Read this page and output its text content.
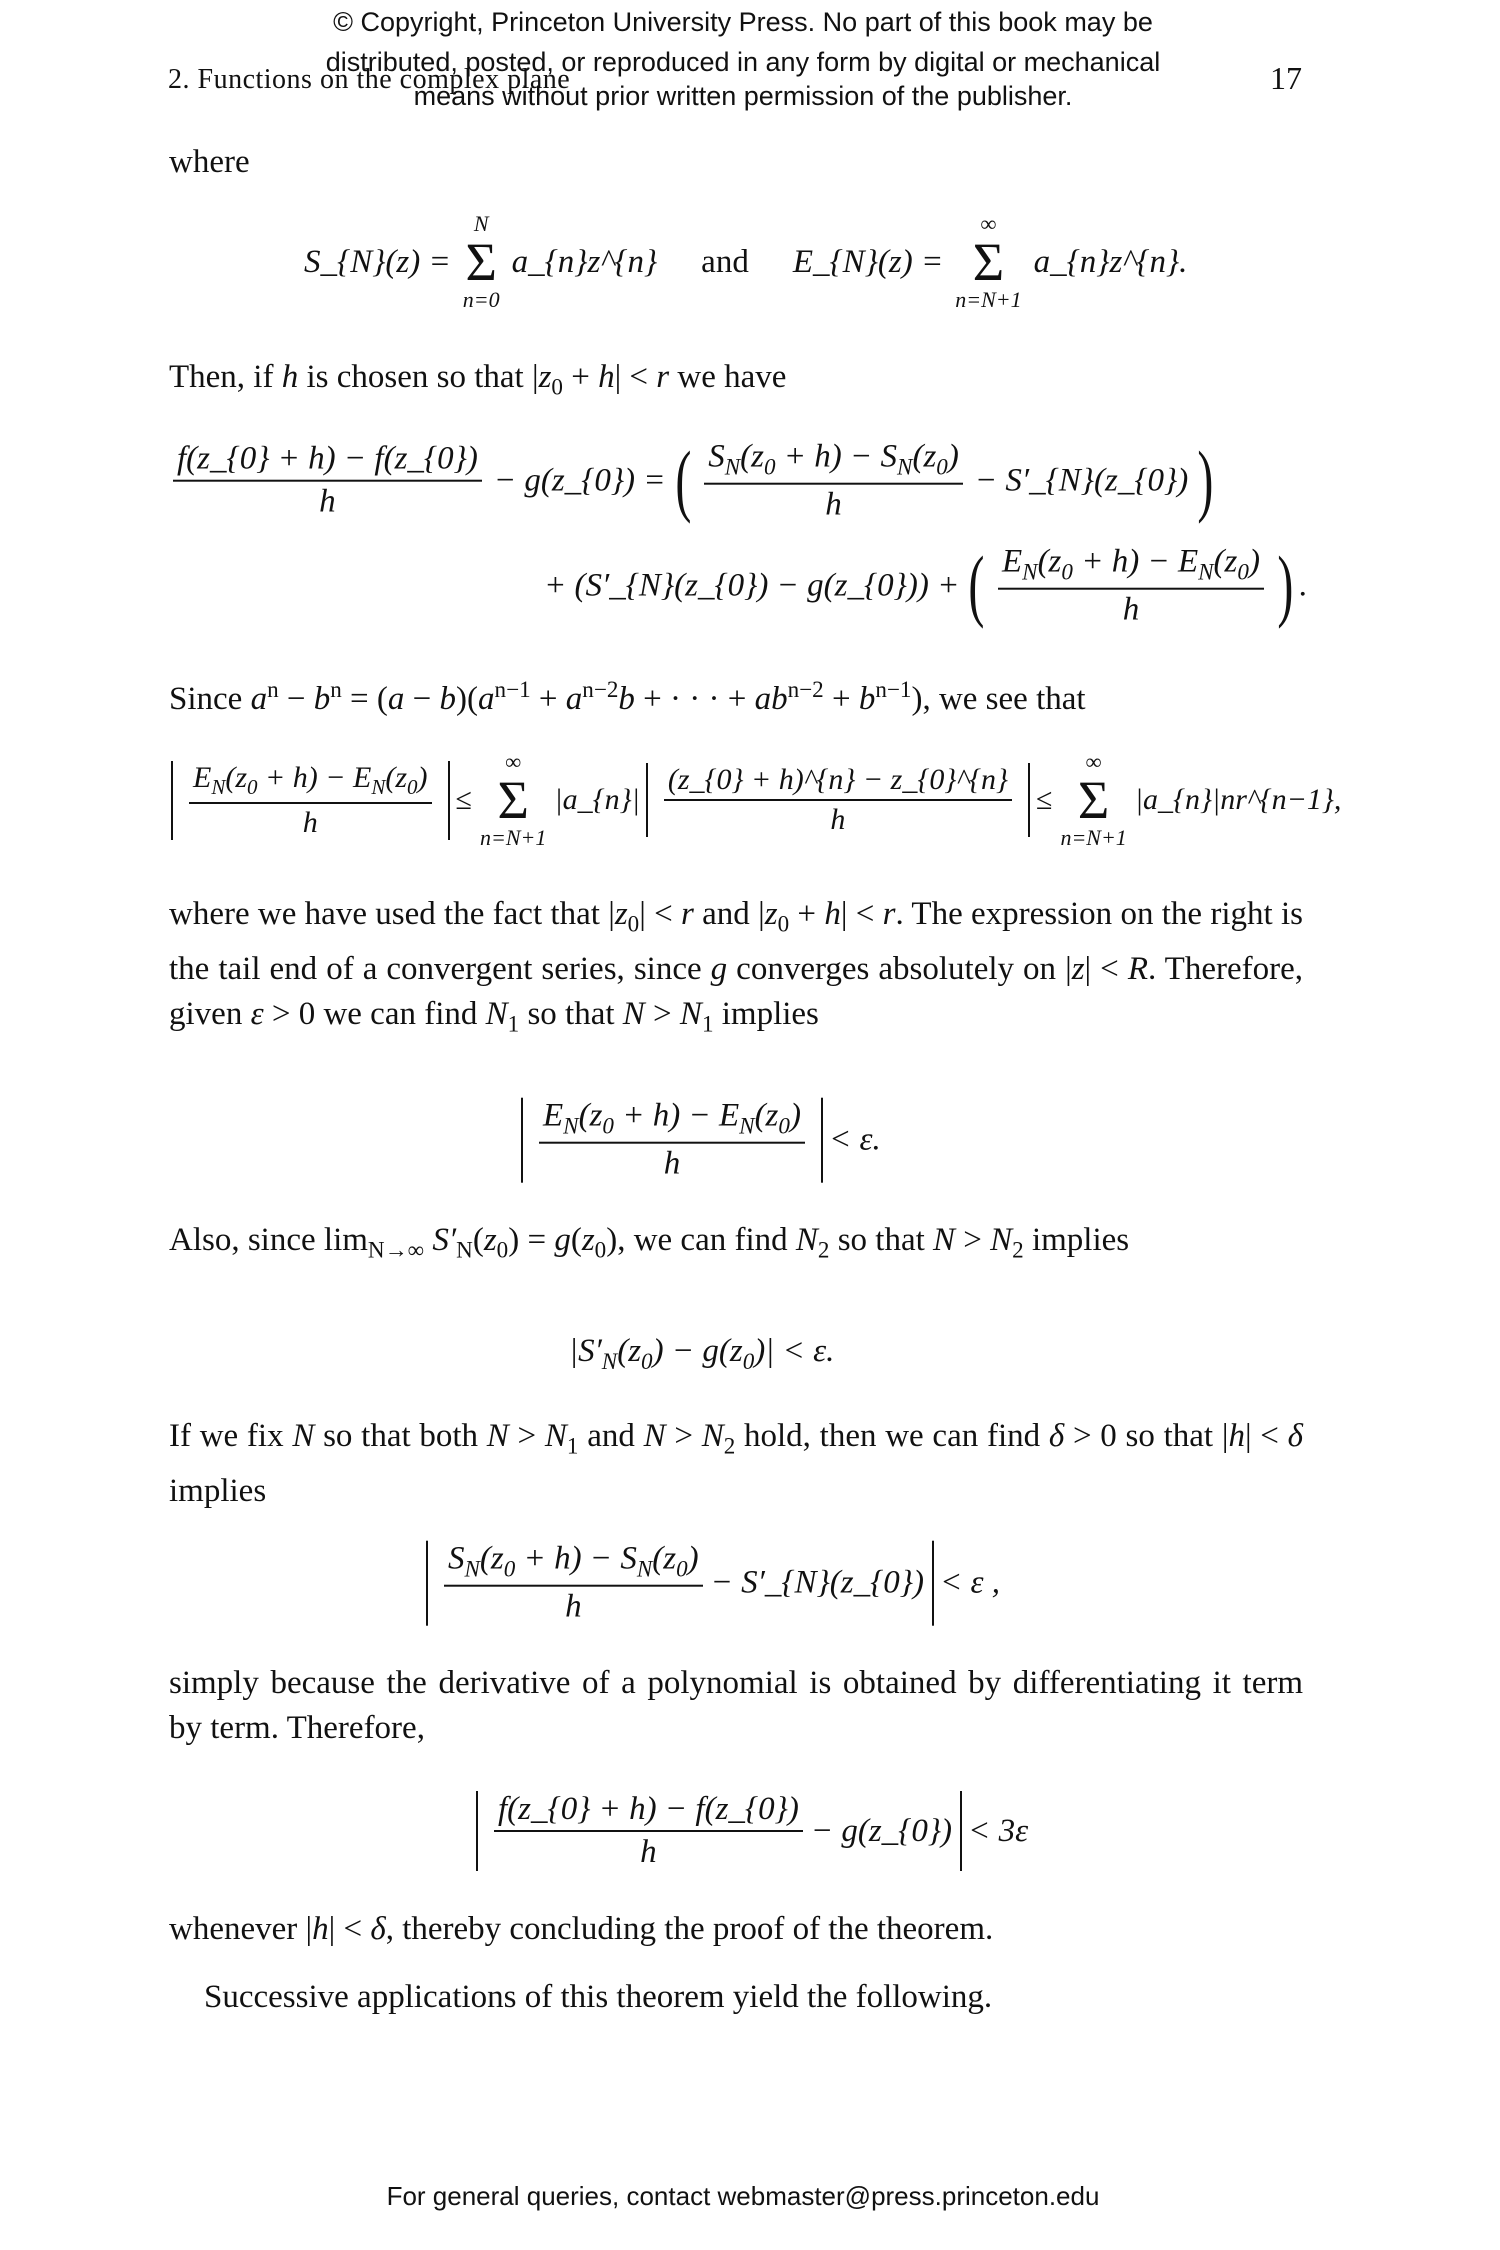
© Copyright, Princeton University Press. No part of this book may be
distributed, posted, or reproduced in any form by digital or mechanical
means without prior written permission of the publisher.
2. Functions on the complex plane	17
where
S_{N}(z) =
N
Σ
n=0
a_{n}z^{n} and E_{N}(z) =
∞
Σ
n=N+1
a_{n}z^{n}.
Then, if h is chosen so that $|z_0 + h| < r$ we have
$\frac{f(z\_\{0\} + h) - f(z\_\{0\})}{h}$ − g(z_{0}) = ( $\frac{S_N(z_0 + h) - S_N(z_0)}{h}$ − S′_{N}(z_{0}) )
+ (S′_{N}(z_{0}) − g(z_{0})) + ( $\frac{E_N(z_0 + h) - E_N(z_0)}{h}$ ) .
Since $a^n - b^n = (a - b)(a^{n-1} + a^{n-2}b$ + · · · + $ab^{n-2} + b^{n-1}$), we see that
$\frac{E_N(z_0 + h) - E_N(z_0)}{h}$ ≤
∞
Σ
n=N+1
|a_{n}| $\frac{(z\_\{0\} + h)\^{}\{n\} - z\_\{0\}\^{}\{n\}}{h}$ ≤
∞
Σ
n=N+1
|a_{n}|nr^{n−1},
where we have used the fact that $|z_0| < r$ and $|z_0 + h| < r$. The expression on the right is the tail end of a convergent series, since g converges absolutely on |z| < R. Therefore, given ε > 0 we can find $N_1$ so that $N > N_1$ implies
$\frac{E_N(z_0 + h) - E_N(z_0)}{h} < \varepsilon$.
Also, since $\lim_{N\to\infty} S'_N(z_0) = g(z_0)$, we can find $N_2$ so that $N > N_2$ implies
$|S'_N(z_0) - g(z_0)| < \varepsilon$.
If we fix N so that both $N > N_1$ and $N > N_2$ hold, then we can find δ > 0 so that |h| < δ implies
$\frac{S_N(z_0 + h) - S_N(z_0)}{h}$ − S′_{N}(z_{0}) < ε ,
simply because the derivative of a polynomial is obtained by differentiating it term by term. Therefore,
$\frac{f(z\_\{0\} + h) - f(z\_\{0\})}{h}$ − g(z_{0}) < 3ε
whenever |h| < δ, thereby concluding the proof of the theorem.
Successive applications of this theorem yield the following.
For general queries, contact webmaster@press.princeton.edu
